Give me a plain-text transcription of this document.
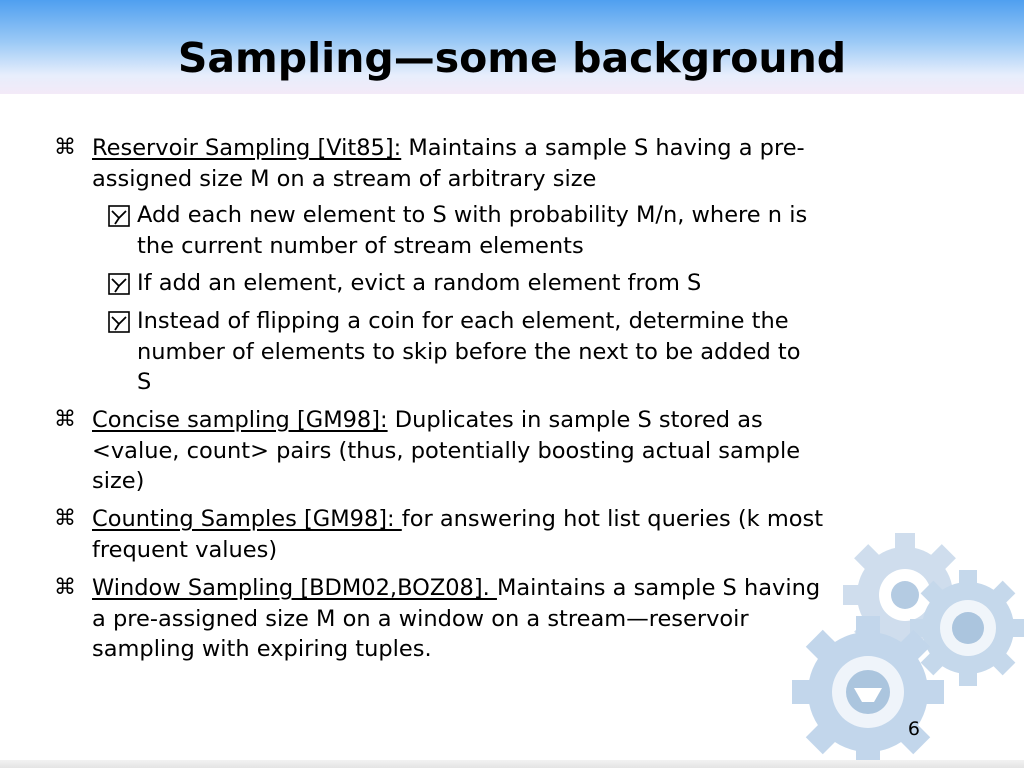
Sampling—some background
⌘ Reservoir Sampling [Vit85]: Maintains a sample S having a pre-
assigned size M on a stream of arbitrary size
Add each new element to S with probability M/n, where n is
the current number of stream elements
If add an element, evict a random element from S
Instead of flipping a coin for each element, determine the
number of elements to skip before the next to be added to
S
⌘ Concise sampling [GM98]: Duplicates in sample S stored as
<value, count> pairs (thus, potentially boosting actual sample
size)
⌘ Counting Samples [GM98]: for answering hot list queries (k most
frequent values)
⌘ Window Sampling [BDM02,BOZ08]. Maintains a sample S having
a pre-assigned size M on a window on a stream—reservoir
sampling with expiring tuples.
6
